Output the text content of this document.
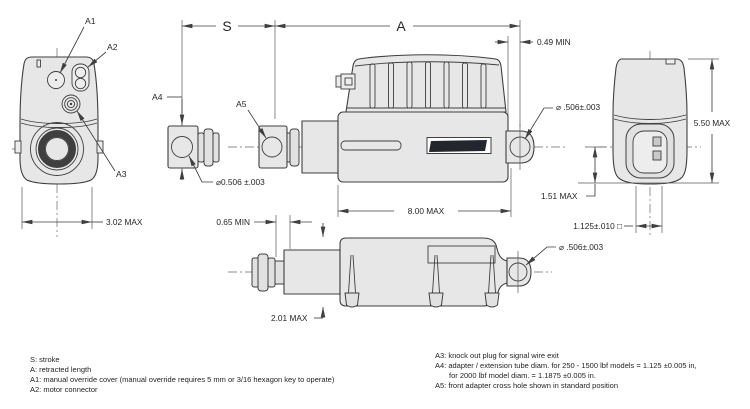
A1
A2
A3
3.02 MAX
S	A
0.49 MIN
A4
⌀0.506 ±.003
A5
THOMSON
⌀ .506±.003
8.00 MAX
1.51 MAX
5.50 MAX
1.125±.010 □
⌀ .506±.003
0.65 MIN
2.01 MAX
S: stroke
A: retracted length
A1: manual override cover (manual override requires 5 mm or 3/16 hexagon key to operate)
A2: motor connector
A3: knock out plug for signal wire exit
A4: adapter / extension tube diam. for 250 - 1500 lbf models = 1.125 ±0.005 in,
for 2000 lbf model diam. = 1.1875 ±0.005 in.
A5: front adapter cross hole shown in standard position
